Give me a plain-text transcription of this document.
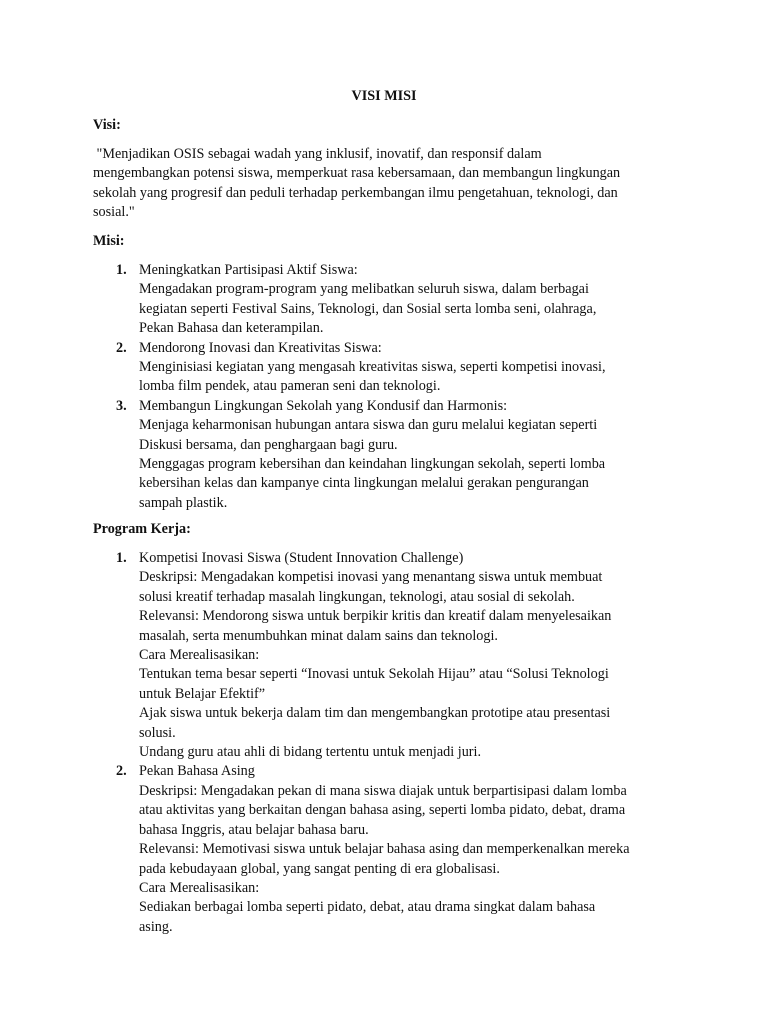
VISI MISI
Visi:
"Menjadikan OSIS sebagai wadah yang inklusif, inovatif, dan responsif dalam
mengembangkan potensi siswa, memperkuat rasa kebersamaan, dan membangun lingkungan
sekolah yang progresif dan peduli terhadap perkembangan ilmu pengetahuan, teknologi, dan
sosial."
Misi:
1. Meningkatkan Partisipasi Aktif Siswa:
Mengadakan program-program yang melibatkan seluruh siswa, dalam berbagai
kegiatan seperti Festival Sains, Teknologi, dan Sosial serta lomba seni, olahraga,
Pekan Bahasa dan keterampilan.
2. Mendorong Inovasi dan Kreativitas Siswa:
Menginisiasi kegiatan yang mengasah kreativitas siswa, seperti kompetisi inovasi,
lomba film pendek, atau pameran seni dan teknologi.
3. Membangun Lingkungan Sekolah yang Kondusif dan Harmonis:
Menjaga keharmonisan hubungan antara siswa dan guru melalui kegiatan seperti
Diskusi bersama, dan penghargaan bagi guru.
Menggagas program kebersihan dan keindahan lingkungan sekolah, seperti lomba
kebersihan kelas dan kampanye cinta lingkungan melalui gerakan pengurangan
sampah plastik.
Program Kerja:
1. Kompetisi Inovasi Siswa (Student Innovation Challenge)
Deskripsi: Mengadakan kompetisi inovasi yang menantang siswa untuk membuat
solusi kreatif terhadap masalah lingkungan, teknologi, atau sosial di sekolah.
Relevansi: Mendorong siswa untuk berpikir kritis dan kreatif dalam menyelesaikan
masalah, serta menumbuhkan minat dalam sains dan teknologi.
Cara Merealisasikan:
Tentukan tema besar seperti “Inovasi untuk Sekolah Hijau” atau “Solusi Teknologi
untuk Belajar Efektif”
Ajak siswa untuk bekerja dalam tim dan mengembangkan prototipe atau presentasi
solusi.
Undang guru atau ahli di bidang tertentu untuk menjadi juri.
2. Pekan Bahasa Asing
Deskripsi: Mengadakan pekan di mana siswa diajak untuk berpartisipasi dalam lomba
atau aktivitas yang berkaitan dengan bahasa asing, seperti lomba pidato, debat, drama
bahasa Inggris, atau belajar bahasa baru.
Relevansi: Memotivasi siswa untuk belajar bahasa asing dan memperkenalkan mereka
pada kebudayaan global, yang sangat penting di era globalisasi.
Cara Merealisasikan:
Sediakan berbagai lomba seperti pidato, debat, atau drama singkat dalam bahasa
asing.
